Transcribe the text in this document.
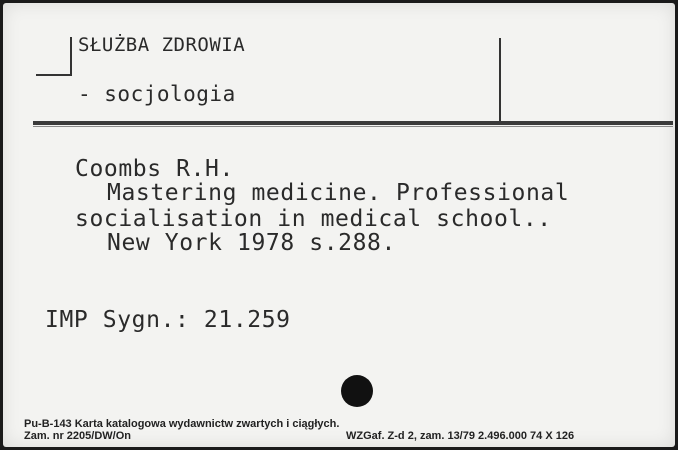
SŁUŻBA ZDROWIA
- socjologia
Coombs R.H.
Mastering medicine. Professional
socialisation in medical school..
New York 1978 s.288.
IMP Sygn.: 21.259
Pu-B-143 Karta katalogowa wydawnictw zwartych i ciągłych.
Zam. nr 2205/DW/On	WZGaf. Z-d 2, zam. 13/79 2.496.000 74 X 126
